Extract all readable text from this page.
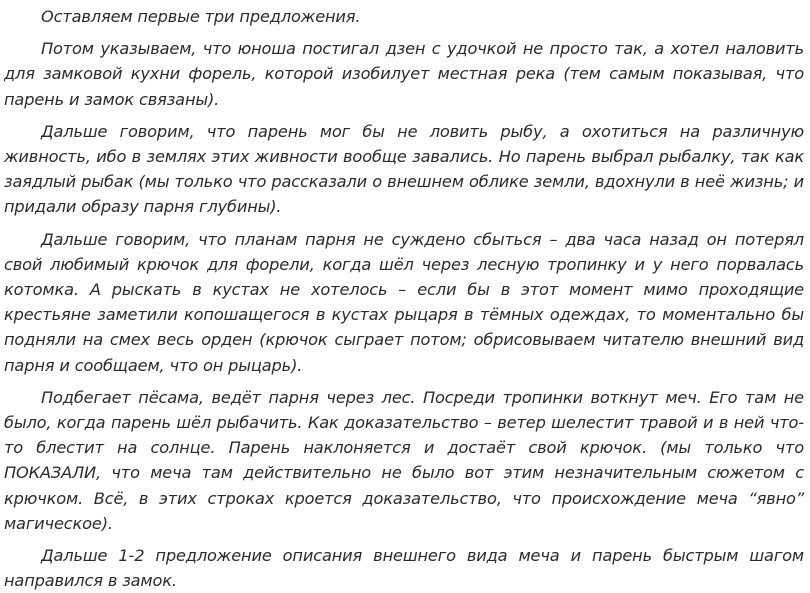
Оставляем первые три предложения.

Потом указываем, что юноша постигал дзен с удочкой не просто так, а хотел наловить для замковой кухни форель, которой изобилует местная река (тем самым показывая, что парень и замок связаны).

Дальше говорим, что парень мог бы не ловить рыбу, а охотиться на различную живность, ибо в землях этих живности вообще завались. Но парень выбрал рыбалку, так как заядлый рыбак (мы только что рассказали о внешнем облике земли, вдохнули в неё жизнь; и придали образу парня глубины).

Дальше говорим, что планам парня не суждено сбыться – два часа назад он потерял свой любимый крючок для форели, когда шёл через лесную тропинку и у него порвалась котомка. А рыскать в кустах не хотелось – если бы в этот момент мимо проходящие крестьяне заметили копошащегося в кустах рыцаря в тёмных одеждах, то моментально бы подняли на смех весь орден (крючок сыграет потом; обрисовываем читателю внешний вид парня и сообщаем, что он рыцарь).

Подбегает пёсама, ведёт парня через лес. Посреди тропинки воткнут меч. Его там не было, когда парень шёл рыбачить. Как доказательство – ветер шелестит травой и в ней что-то блестит на солнце. Парень наклоняется и достаёт свой крючок. (мы только что ПОКАЗАЛИ, что меча там действительно не было вот этим незначительным сюжетом с крючком. Всё, в этих строках кроется доказательство, что происхождение меча “явно” магическое).

Дальше 1-2 предложение описания внешнего вида меча и парень быстрым шагом направился в замок.
